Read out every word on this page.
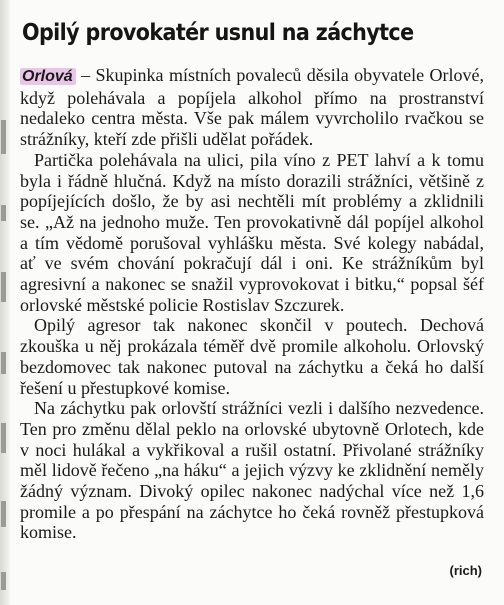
Opilý provokatér usnul na záchytce

Orlová – Skupinka místních povaleců děsila obyvatele Orlové, když polehávala a popíjela alkohol přímo na prostranství nedaleko centra města. Vše pak málem vyvrcholilo rvačkou se strážníky, kteří zde přišli udělat pořádek.

Partička polehávala na ulici, pila víno z PET lahví a k tomu byla i řádně hlučná. Když na místo dorazili strážníci, většině z popíjejících došlo, že by asi nechtěli mít problémy a zklidnili se. „Až na jednoho muže. Ten provokativně dál popíjel alkohol a tím vědomě porušoval vyhlášku města. Své kolegy nabádal, ať ve svém chování pokračují dál i oni. Ke strážníkům byl agresivní a nakonec se snažil vyprovokovat i bitku,“ popsal šéf orlovské městské policie Rostislav Szczurek.

Opilý agresor tak nakonec skončil v poutech. Dechová zkouška u něj prokázala téměř dvě promile alkoholu. Orlovský bezdomovec tak nakonec putoval na záchytku a čeká ho další řešení u přestupkové komise.

Na záchytku pak orlovští strážníci vezli i dalšího nezvedence. Ten pro změnu dělal peklo na orlovské ubytovně Orlotech, kde v noci hulákal a vykřikoval a rušil ostatní. Přivolané strážníky měl lidově řečeno „na háku“ a jejich výzvy ke zklidnění neměly žádný význam. Divoký opilec nakonec nadýchal více než 1,6 promile a po přespání na záchytce ho čeká rovněž přestupková komise.

(rich)
